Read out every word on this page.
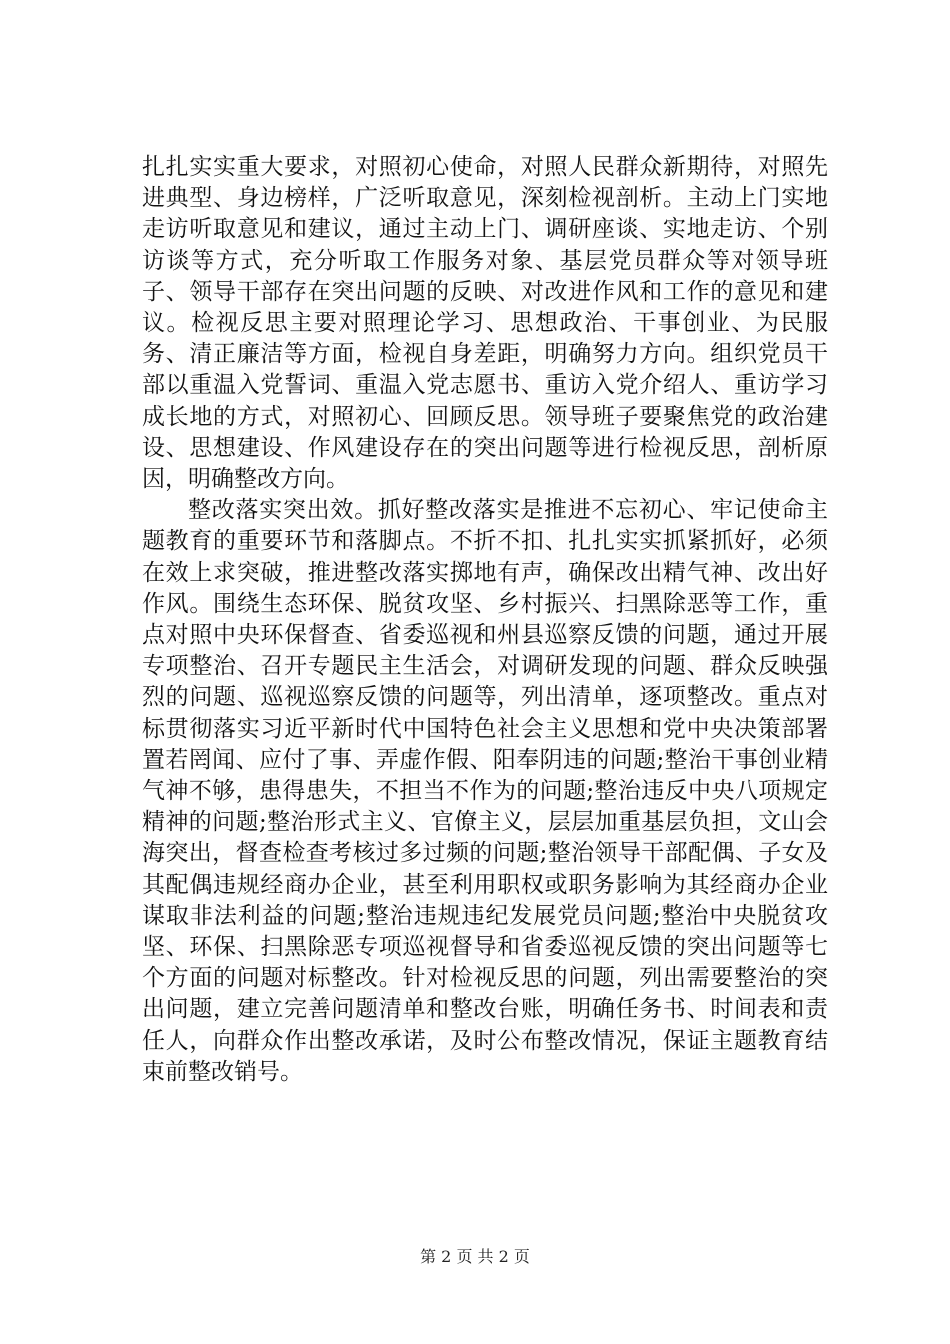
扎扎实实重大要求，对照初心使命，对照人民群众新期待，对照先进典型、身边榜样，广泛听取意见，深刻检视剖析。主动上门实地走访听取意见和建议，通过主动上门、调研座谈、实地走访、个别访谈等方式，充分听取工作服务对象、基层党员群众等对领导班子、领导干部存在突出问题的反映、对改进作风和工作的意见和建议。检视反思主要对照理论学习、思想政治、干事创业、为民服务、清正廉洁等方面，检视自身差距，明确努力方向。组织党员干部以重温入党誓词、重温入党志愿书、重访入党介绍人、重访学习成长地的方式，对照初心、回顾反思。领导班子要聚焦党的政治建设、思想建设、作风建设存在的突出问题等进行检视反思，剖析原因，明确整改方向。

整改落实突出效。抓好整改落实是推进不忘初心、牢记使命主题教育的重要环节和落脚点。不折不扣、扎扎实实抓紧抓好，必须在效上求突破，推进整改落实掷地有声，确保改出精气神、改出好作风。围绕生态环保、脱贫攻坚、乡村振兴、扫黑除恶等工作，重点对照中央环保督查、省委巡视和州县巡察反馈的问题，通过开展专项整治、召开专题民主生活会，对调研发现的问题、群众反映强烈的问题、巡视巡察反馈的问题等，列出清单，逐项整改。重点对标贯彻落实习近平新时代中国特色社会主义思想和党中央决策部署置若罔闻、应付了事、弄虚作假、阳奉阴违的问题;整治干事创业精气神不够，患得患失，不担当不作为的问题;整治违反中央八项规定精神的问题;整治形式主义、官僚主义，层层加重基层负担，文山会海突出，督查检查考核过多过频的问题;整治领导干部配偶、子女及其配偶违规经商办企业，甚至利用职权或职务影响为其经商办企业谋取非法利益的问题;整治违规违纪发展党员问题;整治中央脱贫攻坚、环保、扫黑除恶专项巡视督导和省委巡视反馈的突出问题等七个方面的问题对标整改。针对检视反思的问题，列出需要整治的突出问题，建立完善问题清单和整改台账，明确任务书、时间表和责任人，向群众作出整改承诺，及时公布整改情况，保证主题教育结束前整改销号。

第 2 页 共 2 页
